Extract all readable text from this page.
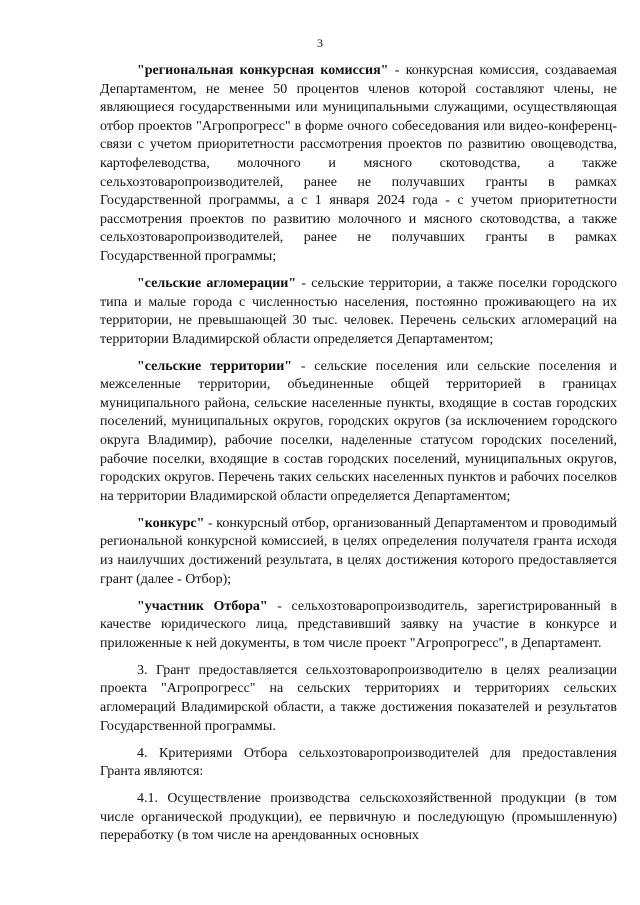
3

"региональная конкурсная комиссия" - конкурсная комиссия, создаваемая Департаментом, не менее 50 процентов членов которой составляют члены, не являющиеся государственными или муниципальными служащими, осуществляющая отбор проектов "Агропрогресс" в форме очного собеседования или видео-конференц-связи с учетом приоритетности рассмотрения проектов по развитию овощеводства, картофелеводства, молочного и мясного скотоводства, а также сельхозтоваропроизводителей, ранее не получавших гранты в рамках Государственной программы, а с 1 января 2024 года - с учетом приоритетности рассмотрения проектов по развитию молочного и мясного скотоводства, а также сельхозтоваропроизводителей, ранее не получавших гранты в рамках Государственной программы;

"сельские агломерации" - сельские территории, а также поселки городского типа и малые города с численностью населения, постоянно проживающего на их территории, не превышающей 30 тыс. человек. Перечень сельских агломераций на территории Владимирской области определяется Департаментом;

"сельские территории" - сельские поселения или сельские поселения и межселенные территории, объединенные общей территорией в границах муниципального района, сельские населенные пункты, входящие в состав городских поселений, муниципальных округов, городских округов (за исключением городского округа Владимир), рабочие поселки, наделенные статусом городских поселений, рабочие поселки, входящие в состав городских поселений, муниципальных округов, городских округов. Перечень таких сельских населенных пунктов и рабочих поселков на территории Владимирской области определяется Департаментом;

"конкурс" - конкурсный отбор, организованный Департаментом и проводимый региональной конкурсной комиссией, в целях определения получателя гранта исходя из наилучших достижений результата, в целях достижения которого предоставляется грант (далее - Отбор);

"участник Отбора" - сельхозтоваропроизводитель, зарегистрированный в качестве юридического лица, представивший заявку на участие в конкурсе и приложенные к ней документы, в том числе проект "Агропрогресс", в Департамент.

3. Грант предоставляется сельхозтоваропроизводителю в целях реализации проекта "Агропрогресс" на сельских территориях и территориях сельских агломераций Владимирской области, а также достижения показателей и результатов Государственной программы.

4. Критериями Отбора сельхозтоваропроизводителей для предоставления Гранта являются:

4.1. Осуществление производства сельскохозяйственной продукции (в том числе органической продукции), ее первичную и последующую (промышленную) переработку (в том числе на арендованных основных
